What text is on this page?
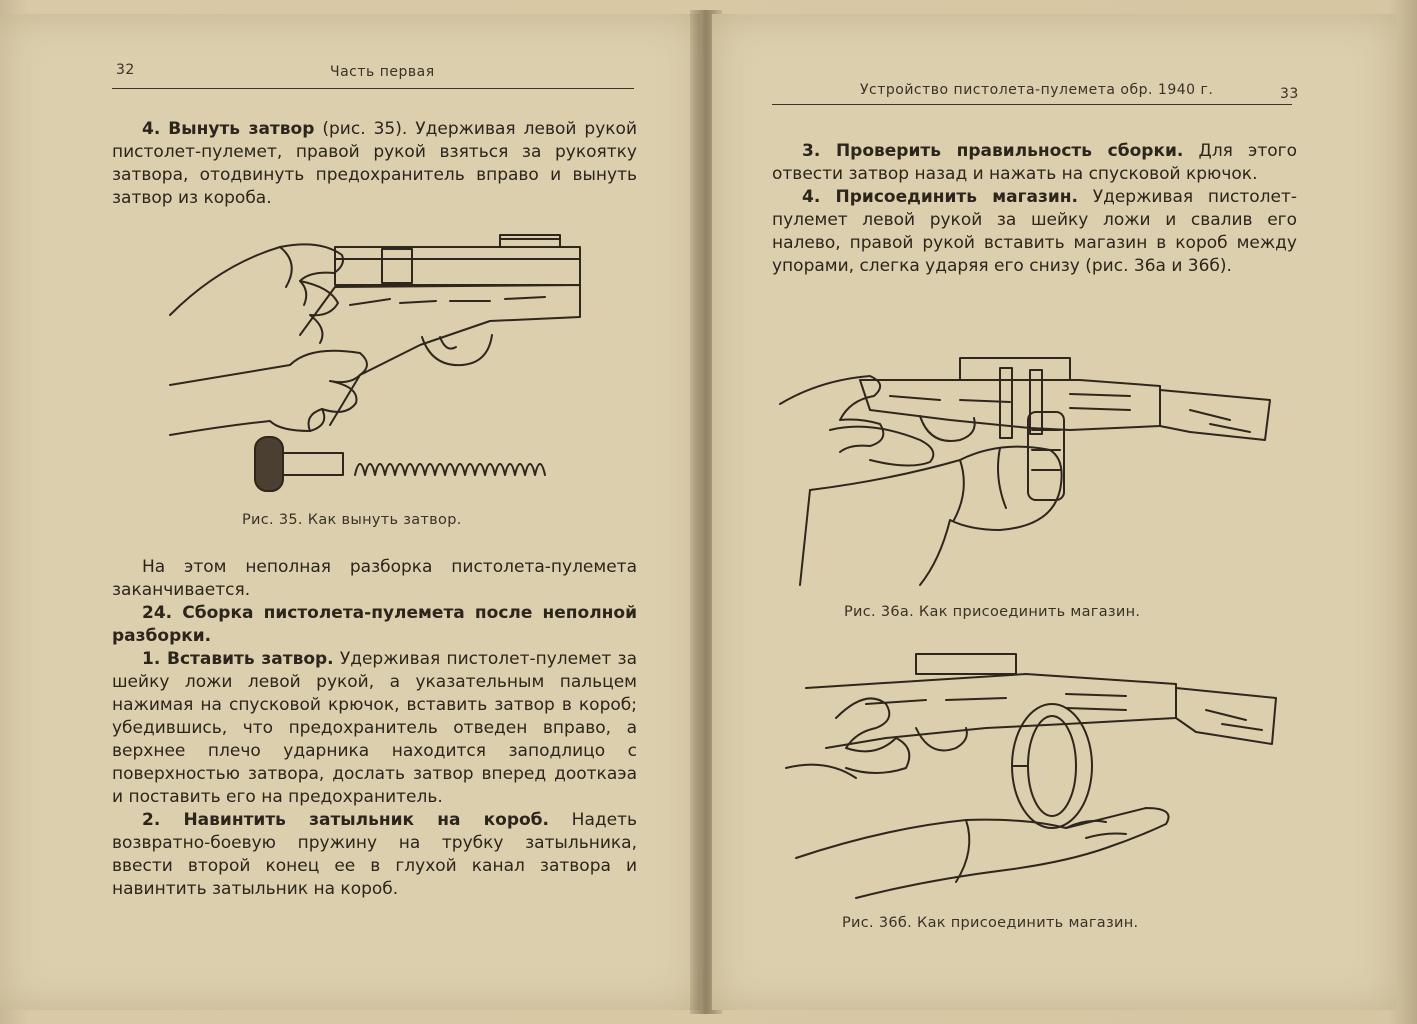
32	Часть первая

4. Вынуть затвор (рис. 35). Удерживая левой рукой пистолет-пулемет, правой рукой взяться за рукоятку затвора, отодвинуть предохранитель вправо и вынуть затвор из короба.

Рис. 35. Как вынуть затвор.

На этом неполная разборка пистолета-пулемета заканчивается.

24. Сборка пистолета-пулемета после неполной разборки.

1. Вставить затвор. Удерживая пистолет-пулемет за шейку ложи левой рукой, а указательным пальцем нажимая на спусковой крючок, вставить затвор в короб; убедившись, что предохранитель отведен вправо, а верхнее плечо ударника находится заподлицо с поверхностью затвора, дослать затвор вперед дооткаэа и поставить его на предохранитель.

2. Навинтить затыльник на короб. Надеть возвратно-боевую пружину на трубку затыльника, ввести второй конец ее в глухой канал затвора и навинтить затыльник на короб.

Устройство пистолета-пулемета обр. 1940 г.	33

3. Проверить правильность сборки. Для этого отвести затвор назад и нажать на спусковой крючок.

4. Присоединить магазин. Удерживая пистолет-пулемет левой рукой за шейку ложи и свалив его налево, правой рукой вставить магазин в короб между упорами, слегка ударяя его снизу (рис. 36а и 36б).

Рис. 36а. Как присоединить магазин.
Рис. 36б. Как присоединить магазин.
